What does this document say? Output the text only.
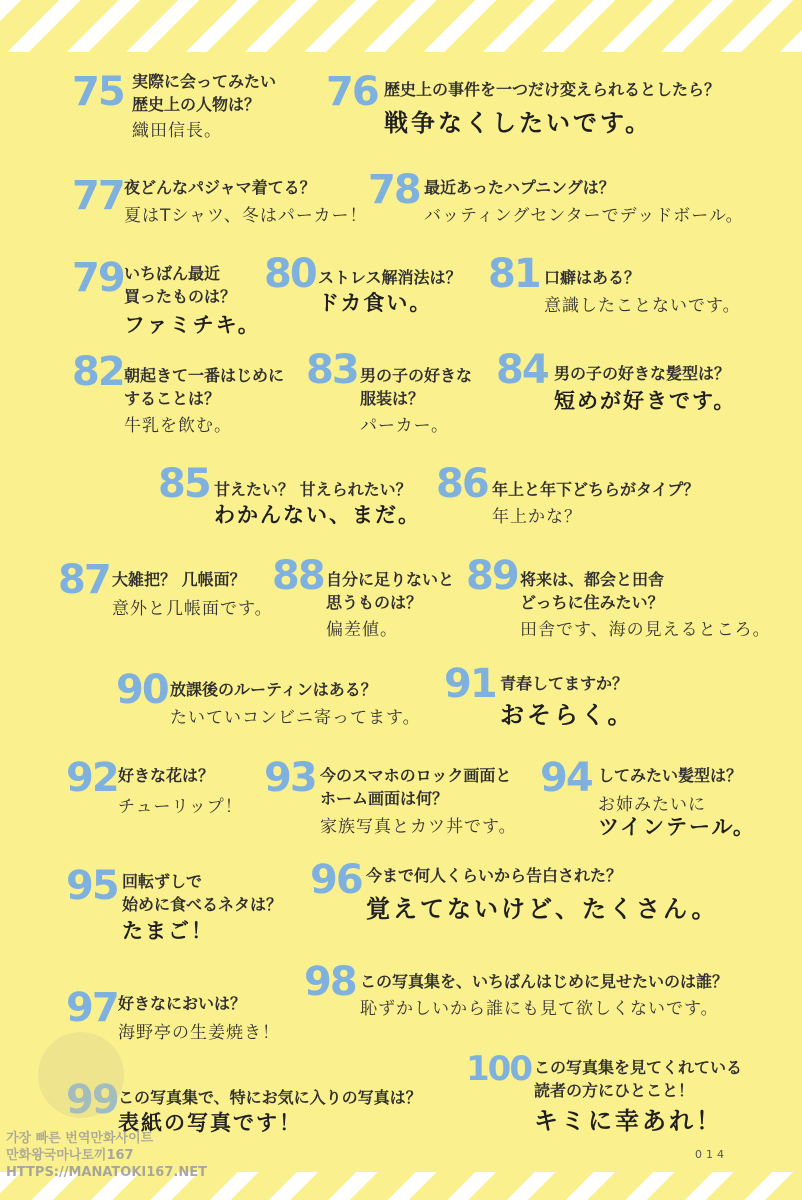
75 実際に会ってみたい
歴史上の人物は？
織田信長。
76 歴史上の事件を一つだけ変えられるとしたら？
戦争なくしたいです。
77 夜どんなパジャマ着てる？
夏はTシャツ、冬はパーカー！
78 最近あったハプニングは？
バッティングセンターでデッドボール。
79 いちばん最近
買ったものは？
ファミチキ。
80 ストレス解消法は？
ドカ食い。
81 口癖はある？
意識したことないです。
82 朝起きて一番はじめに
することは？
牛乳を飲む。
83 男の子の好きな
服装は？
パーカー。
84 男の子の好きな髪型は？
短めが好きです。
85 甘えたい？ 甘えられたい？
わかんない、まだ。
86 年上と年下どちらがタイプ？
年上かな？
87 大雑把？ 几帳面？
意外と几帳面です。
88 自分に足りないと
思うものは？
偏差値。
89 将来は、都会と田舎
どっちに住みたい？
田舎です、海の見えるところ。
90 放課後のルーティンはある？
たいていコンビニ寄ってます。
91 青春してますか？
おそらく。
92 好きな花は？
チューリップ！
93 今のスマホのロック画面と
ホーム画面は何？
家族写真とカツ丼です。
94 してみたい髪型は？
お姉みたいに
ツインテール。
95 回転ずしで
始めに食べるネタは？
たまご！
96 今まで何人くらいから告白された？
覚えてないけど、たくさん。
98 この写真集を、いちばんはじめに見せたいのは誰？
恥ずかしいから誰にも見て欲しくないです。
97 好きなにおいは？
海野亭の生姜焼き！
100 この写真集を見てくれている
読者の方にひとこと！
キミに幸あれ！
99 この写真集で、特にお気に入りの写真は？
表紙の写真です！
014
가장 빠른 번역만화사이트
만화왕국마나토끼167
HTTPS://MANATOKI167.NET
